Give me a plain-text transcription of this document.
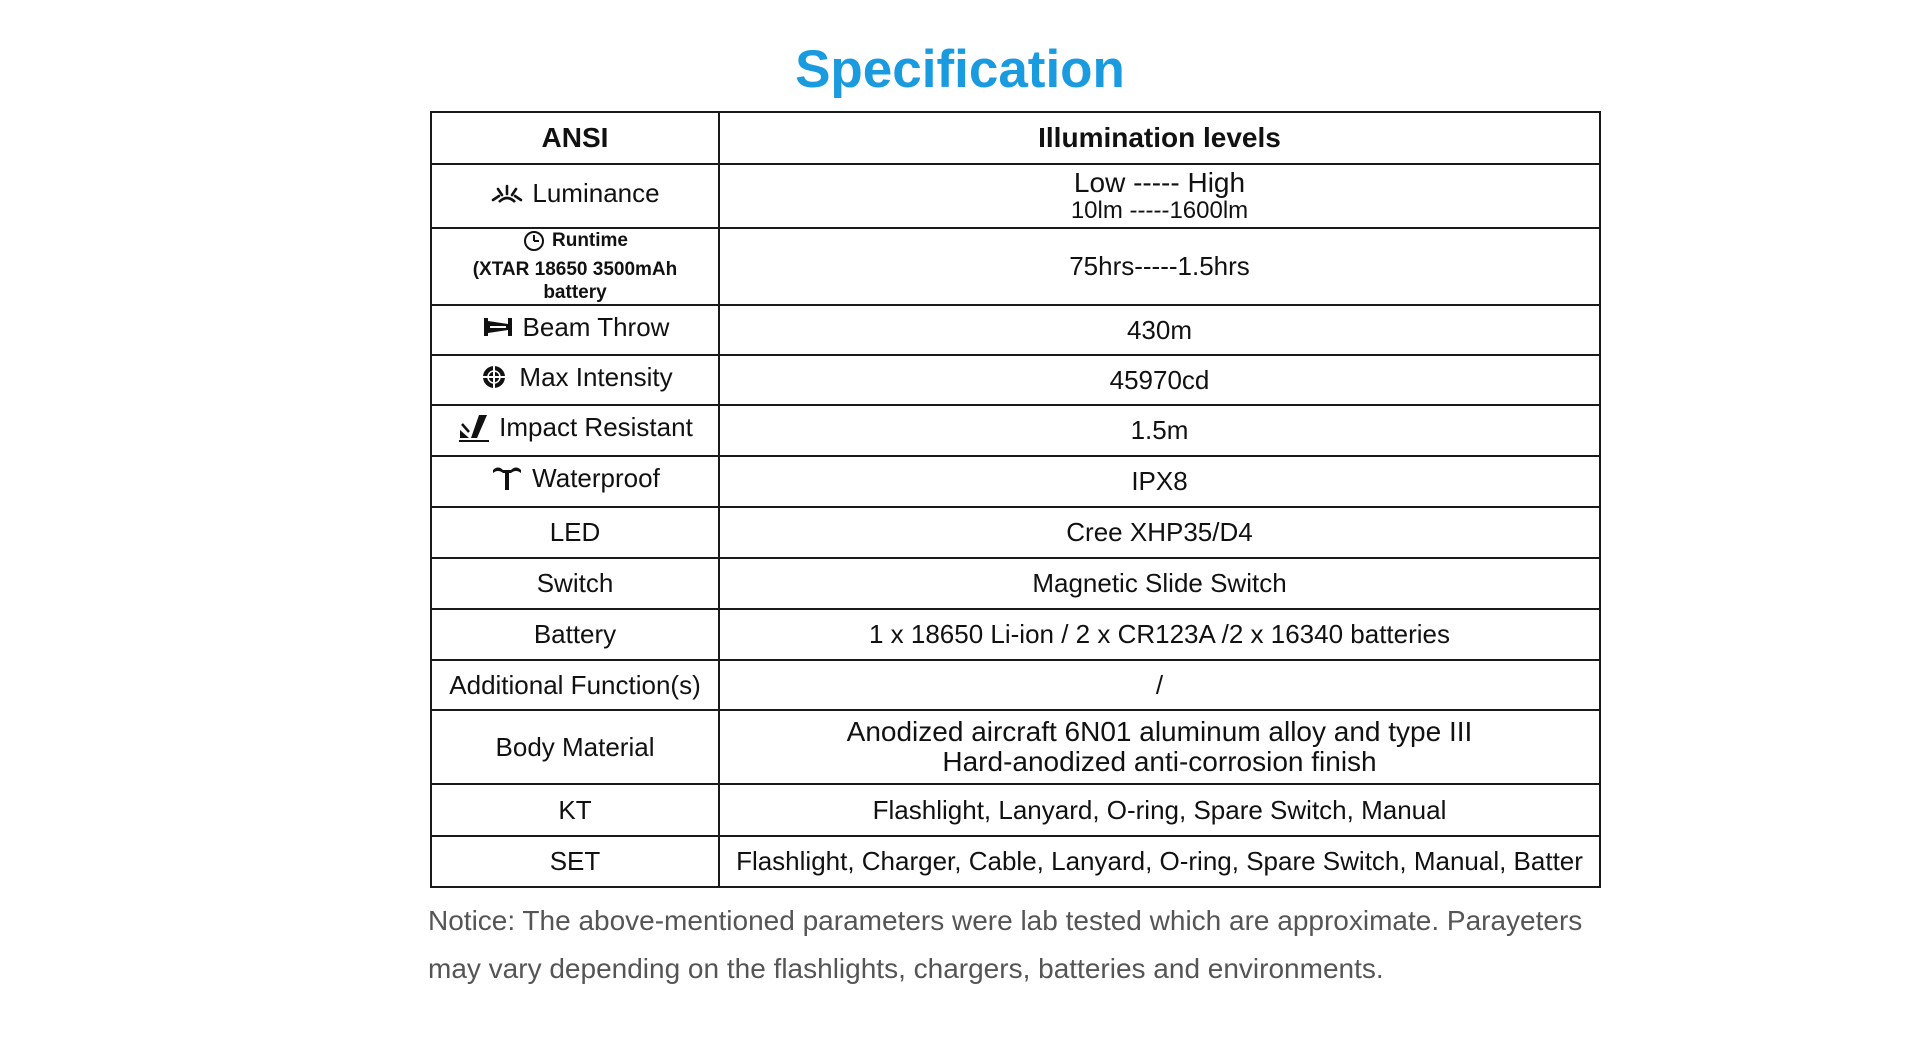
Specification
ANSI	Illumination levels

Luminance	Low ----- High
10lm -----1600lm

Runtime
(XTAR 18650 3500mAh
battery	75hrs-----1.5hrs

Beam Throw	430m

Max Intensity	45970cd

Impact Resistant	1.5m

Waterproof	IPX8
LED	Cree XHP35/D4
Switch	Magnetic Slide Switch
Battery	1 x 18650 Li-ion / 2 x CR123A /2 x 16340 batteries
Additional Function(s)	/
Body Material	Anodized aircraft 6N01 aluminum alloy and type III
Hard-anodized anti-corrosion finish

KT	Flashlight, Lanyard, O-ring, Spare Switch, Manual
SET	Flashlight, Charger, Cable, Lanyard, O-ring, Spare Switch, Manual, Batter
Notice: The above-mentioned parameters were lab tested which are approximate. Parayeters
may vary depending on the flashlights, chargers, batteries and environments.
